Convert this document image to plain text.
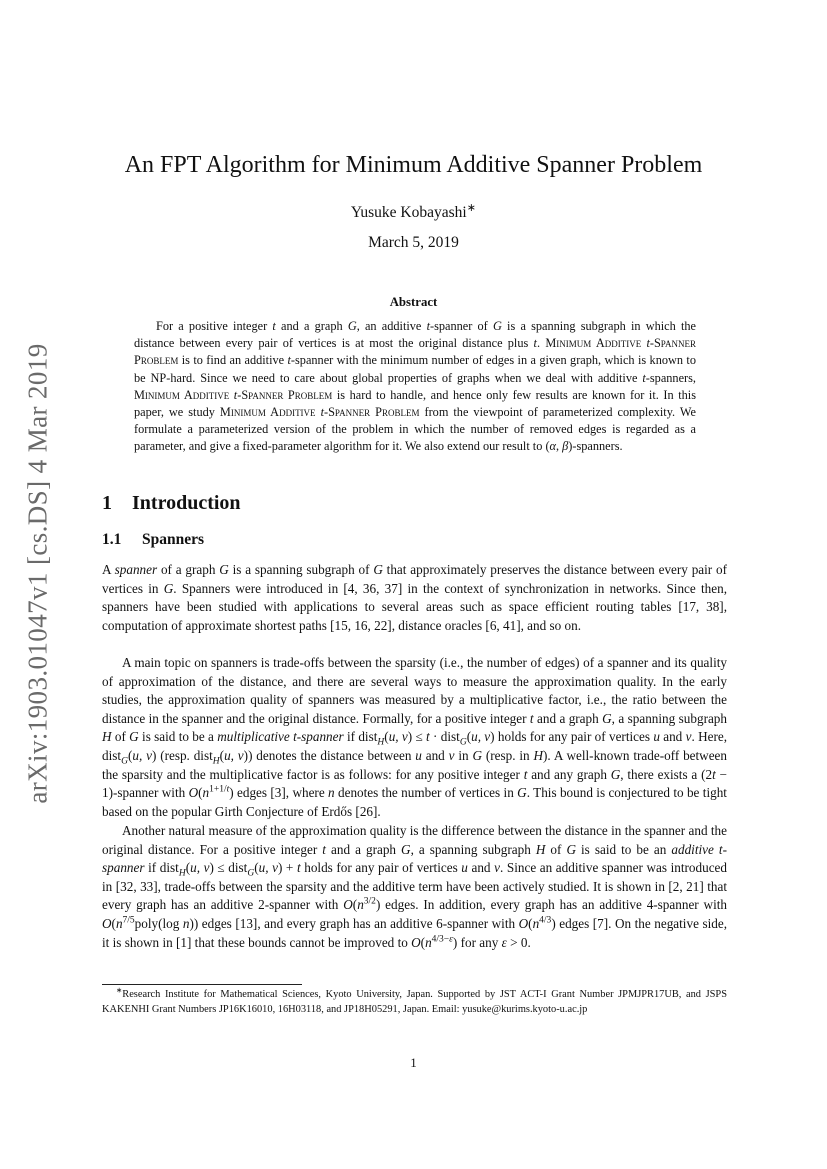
arXiv:1903.01047v1 [cs.DS] 4 Mar 2019
An FPT Algorithm for Minimum Additive Spanner Problem
Yusuke Kobayashi∗
March 5, 2019
Abstract

For a positive integer t and a graph G, an additive t-spanner of G is a spanning subgraph in which the distance between every pair of vertices is at most the original distance plus t. Minimum Additive t-Spanner Problem is to find an additive t-spanner with the minimum number of edges in a given graph, which is known to be NP-hard. Since we need to care about global properties of graphs when we deal with additive t-spanners, Minimum Additive t-Spanner Problem is hard to handle, and hence only few results are known for it. In this paper, we study Minimum Additive t-Spanner Problem from the viewpoint of parameterized complexity. We formulate a parameterized version of the problem in which the number of removed edges is regarded as a parameter, and give a fixed-parameter algorithm for it. We also extend our result to (α, β)-spanners.

1 Introduction
1.1 Spanners

A spanner of a graph G is a spanning subgraph of G that approximately preserves the distance between every pair of vertices in G. Spanners were introduced in [4, 36, 37] in the context of synchronization in networks. Since then, spanners have been studied with applications to several areas such as space efficient routing tables [17, 38], computation of approximate shortest paths [15, 16, 22], distance oracles [6, 41], and so on.

A main topic on spanners is trade-offs between the sparsity (i.e., the number of edges) of a spanner and its quality of approximation of the distance, and there are several ways to measure the approximation quality. In the early studies, the approximation quality of spanners was measured by a multiplicative factor, i.e., the ratio between the distance in the spanner and the original distance. Formally, for a positive integer t and a graph G, a spanning subgraph H of G is said to be a multiplicative t-spanner if dist$_H$(u, v) ≤ t · dist$_G$(u, v) holds for any pair of vertices u and v. Here, dist$_G$(u, v) (resp. dist$_H$(u, v)) denotes the distance between u and v in G (resp. in H). A well-known trade-off between the sparsity and the multiplicative factor is as follows: for any positive integer t and any graph G, there exists a (2t − 1)-spanner with $O(n^{1+1/t})$ edges [3], where n denotes the number of vertices in G. This bound is conjectured to be tight based on the popular Girth Conjecture of Erdős [26].

Another natural measure of the approximation quality is the difference between the distance in the spanner and the original distance. For a positive integer t and a graph G, a spanning subgraph H of G is said to be an additive t-spanner if dist$_H$(u, v) ≤ dist$_G$(u, v) + t holds for any pair of vertices u and v. Since an additive spanner was introduced in [32, 33], trade-offs between the sparsity and the additive term have been actively studied. It is shown in [2, 21] that every graph has an additive 2-spanner with $O(n^{3/2})$ edges. In addition, every graph has an additive 4-spanner with $O(n^{7/5}poly(\log$ n)) edges [13], and every graph has an additive 6-spanner with $O(n^{4/3})$ edges [7]. On the negative side, it is shown in [1] that these bounds cannot be improved to $O(n^{4/3-\varepsilon})$ for any ε > 0.

∗Research Institute for Mathematical Sciences, Kyoto University, Japan. Supported by JST ACT-I Grant Number JPMJPR17UB, and JSPS KAKENHI Grant Numbers JP16K16010, 16H03118, and JP18H05291, Japan. Email: yusuke@kurims.kyoto-u.ac.jp

1
